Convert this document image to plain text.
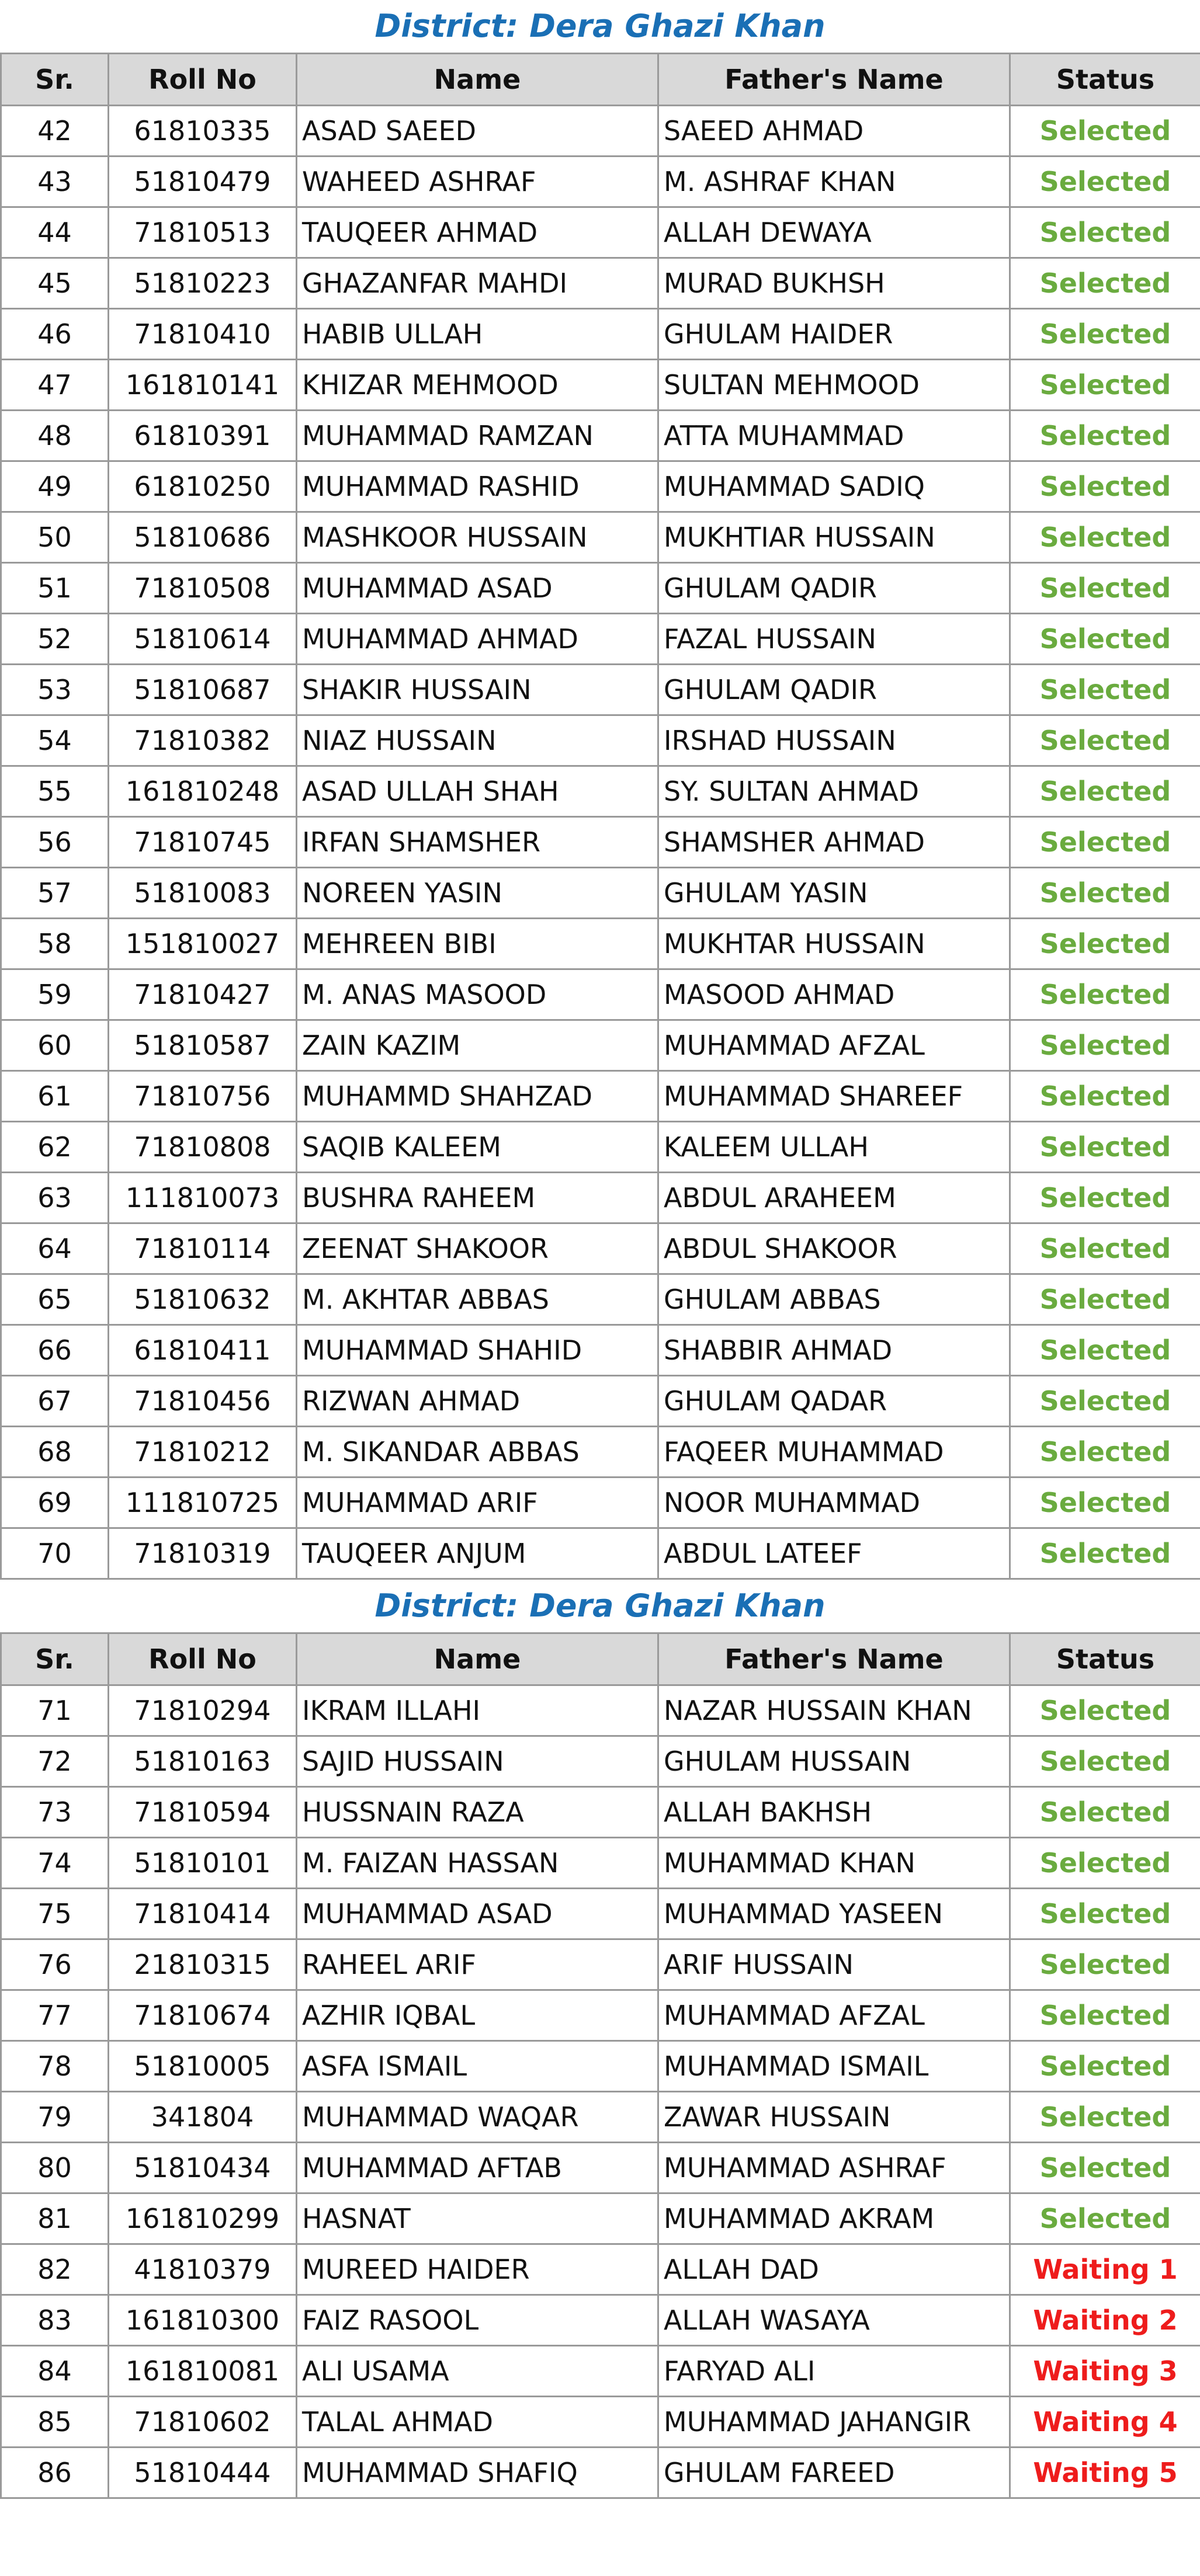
District: Dera Ghazi Khan
Sr.	Roll No	Name	Father's Name	Status
42	61810335	ASAD SAEED	SAEED AHMAD	Selected
43	51810479	WAHEED ASHRAF	M. ASHRAF KHAN	Selected
44	71810513	TAUQEER AHMAD	ALLAH DEWAYA	Selected
45	51810223	GHAZANFAR MAHDI	MURAD BUKHSH	Selected
46	71810410	HABIB ULLAH	GHULAM HAIDER	Selected
47	161810141	KHIZAR MEHMOOD	SULTAN MEHMOOD	Selected
48	61810391	MUHAMMAD RAMZAN	ATTA MUHAMMAD	Selected
49	61810250	MUHAMMAD RASHID	MUHAMMAD SADIQ	Selected
50	51810686	MASHKOOR HUSSAIN	MUKHTIAR HUSSAIN	Selected
51	71810508	MUHAMMAD ASAD	GHULAM QADIR	Selected
52	51810614	MUHAMMAD AHMAD	FAZAL HUSSAIN	Selected
53	51810687	SHAKIR HUSSAIN	GHULAM QADIR	Selected
54	71810382	NIAZ HUSSAIN	IRSHAD HUSSAIN	Selected
55	161810248	ASAD ULLAH SHAH	SY. SULTAN AHMAD	Selected
56	71810745	IRFAN SHAMSHER	SHAMSHER AHMAD	Selected
57	51810083	NOREEN YASIN	GHULAM YASIN	Selected
58	151810027	MEHREEN BIBI	MUKHTAR HUSSAIN	Selected
59	71810427	M. ANAS MASOOD	MASOOD AHMAD	Selected
60	51810587	ZAIN KAZIM	MUHAMMAD AFZAL	Selected
61	71810756	MUHAMMD SHAHZAD	MUHAMMAD SHAREEF	Selected
62	71810808	SAQIB KALEEM	KALEEM ULLAH	Selected
63	111810073	BUSHRA RAHEEM	ABDUL ARAHEEM	Selected
64	71810114	ZEENAT SHAKOOR	ABDUL SHAKOOR	Selected
65	51810632	M. AKHTAR ABBAS	GHULAM ABBAS	Selected
66	61810411	MUHAMMAD SHAHID	SHABBIR AHMAD	Selected
67	71810456	RIZWAN AHMAD	GHULAM QADAR	Selected
68	71810212	M. SIKANDAR ABBAS	FAQEER MUHAMMAD	Selected
69	111810725	MUHAMMAD ARIF	NOOR MUHAMMAD	Selected
70	71810319	TAUQEER ANJUM	ABDUL LATEEF	Selected
District: Dera Ghazi Khan
Sr.	Roll No	Name	Father's Name	Status
71	71810294	IKRAM ILLAHI	NAZAR HUSSAIN KHAN	Selected
72	51810163	SAJID HUSSAIN	GHULAM HUSSAIN	Selected
73	71810594	HUSSNAIN RAZA	ALLAH BAKHSH	Selected
74	51810101	M. FAIZAN HASSAN	MUHAMMAD KHAN	Selected
75	71810414	MUHAMMAD ASAD	MUHAMMAD YASEEN	Selected
76	21810315	RAHEEL ARIF	ARIF HUSSAIN	Selected
77	71810674	AZHIR IQBAL	MUHAMMAD AFZAL	Selected
78	51810005	ASFA ISMAIL	MUHAMMAD ISMAIL	Selected
79	341804	MUHAMMAD WAQAR	ZAWAR HUSSAIN	Selected
80	51810434	MUHAMMAD AFTAB	MUHAMMAD ASHRAF	Selected
81	161810299	HASNAT	MUHAMMAD AKRAM	Selected
82	41810379	MUREED HAIDER	ALLAH DAD	Waiting 1
83	161810300	FAIZ RASOOL	ALLAH WASAYA	Waiting 2
84	161810081	ALI USAMA	FARYAD ALI	Waiting 3
85	71810602	TALAL AHMAD	MUHAMMAD JAHANGIR	Waiting 4
86	51810444	MUHAMMAD SHAFIQ	GHULAM FAREED	Waiting 5
